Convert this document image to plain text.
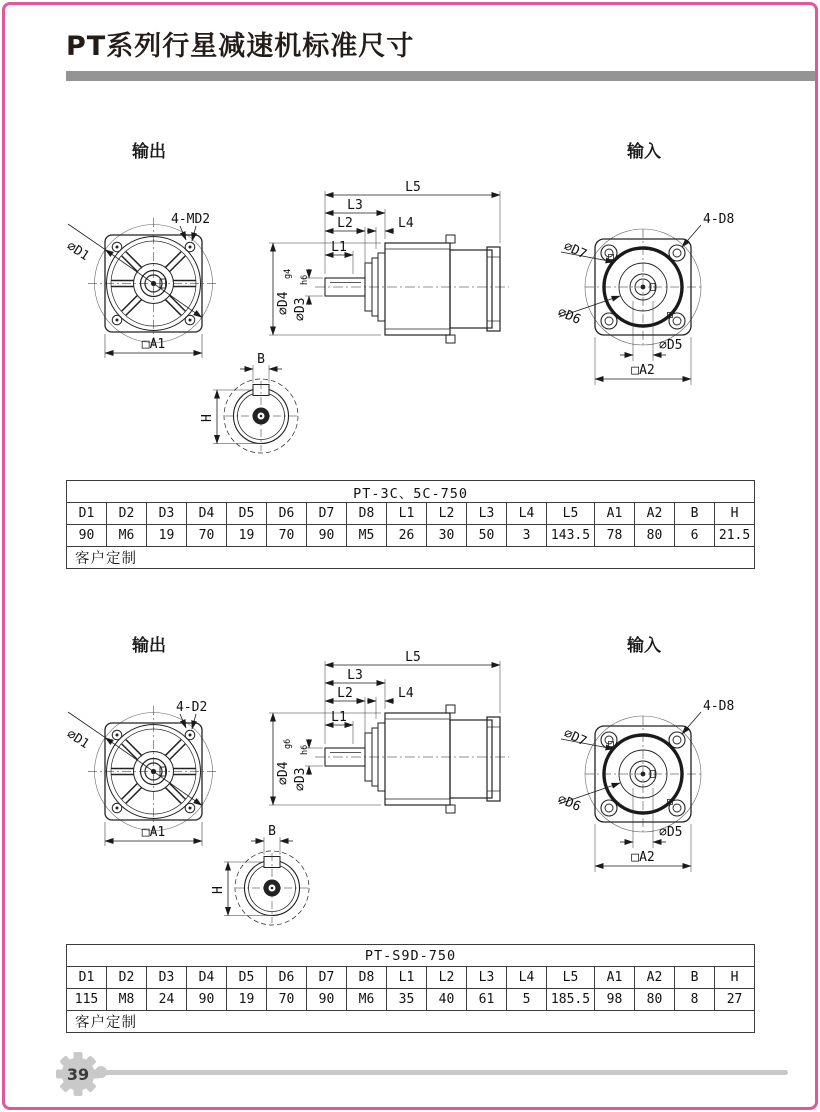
PT系列行星减速机标准尺寸
输出	输入
4-MD2
∅D1
□A1
L5
L3
L2	L4
L1
∅D4
g4
∅D3
h6
B
H
4-D8
∅D7
∅D6
∅D5
□A2
PT-3C、5C-750																
D1	D2	D3	D4	D5	D6	D7	D8	L1	L2	L3	L4	L5	A1	A2	B	H
90	M6	19	70	19	70	90	M5	26	30	50	3	143.5	78	80	6	21.5
客户定制																
输出	输入
4-D2
∅D1
□A1
L5
L3
L2	L4
L1
∅D4
g6
∅D3
h6
B
H
4-D8
∅D7
∅D6
∅D5
□A2
PT-S9D-750																
D1	D2	D3	D4	D5	D6	D7	D8	L1	L2	L3	L4	L5	A1	A2	B	H
115	M8	24	90	19	70	90	M6	35	40	61	5	185.5	98	80	8	27
客户定制																
39
